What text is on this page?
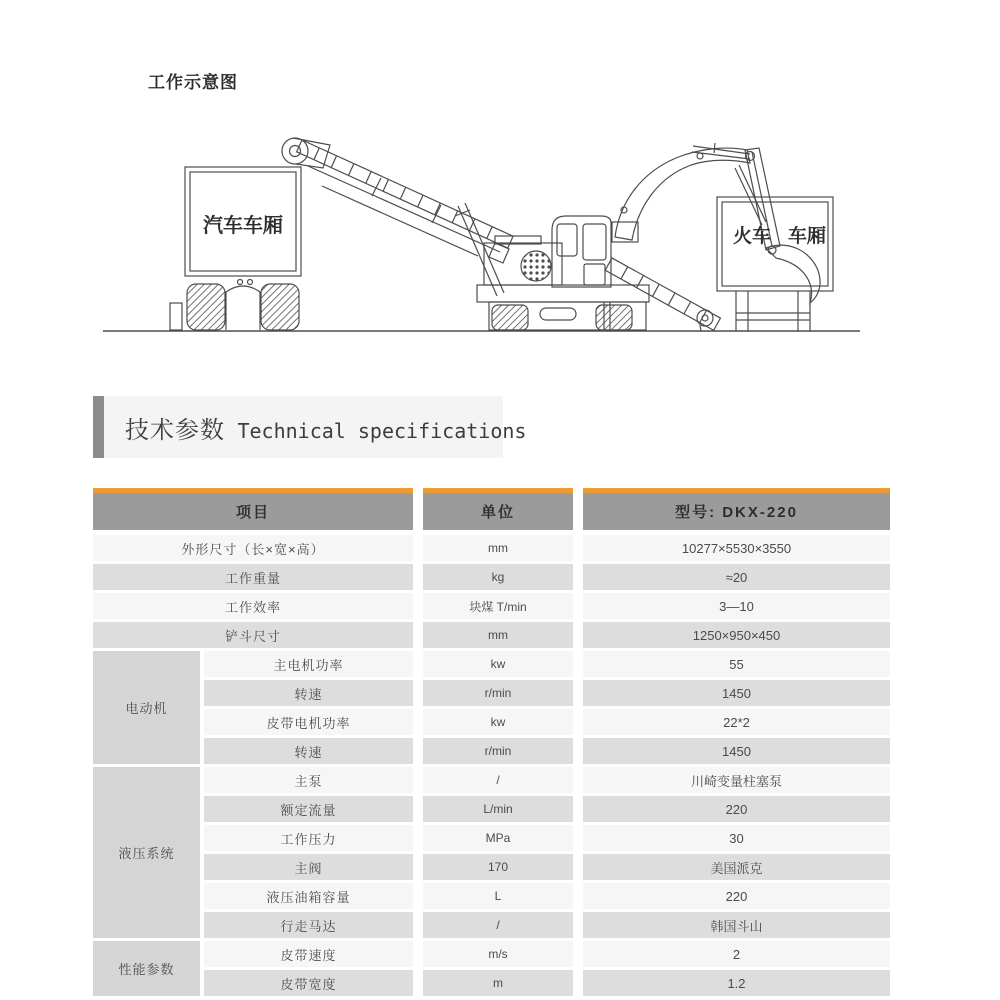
工作示意图
汽车车厢	火车 车厢
技术参数 Technical specifications
项目	单位	型号: DKX-220
外形尺寸（长×宽×高）	mm	10277×5530×3550
工作重量	kg	≈20
工作效率	块煤 T/min	3—10
铲斗尺寸	mm	1250×950×450
电动机
主电机功率	kw	55
转速	r/min	1450
皮带电机功率	kw	22*2
转速	r/min	1450
液压系统
主泵	/	川崎变量柱塞泵
额定流量	L/min	220
工作压力	MPa	30
主阀	170	美国派克
液压油箱容量	L	220
行走马达	/	韩国斗山
性能参数
皮带速度	m/s	2
皮带宽度	m	1.2
